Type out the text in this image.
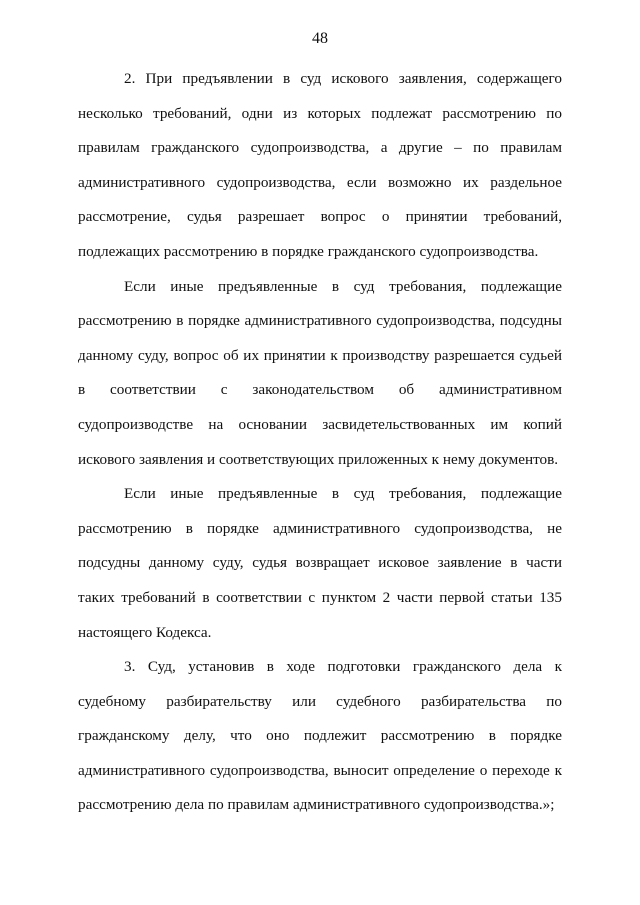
48

2. При предъявлении в суд искового заявления, содержащего несколько требований, одни из которых подлежат рассмотрению по правилам гражданского судопроизводства, а другие – по правилам административного судопроизводства, если возможно их раздельное рассмотрение, судья разрешает вопрос о принятии требований, подлежащих рассмотрению в порядке гражданского судопроизводства.

Если иные предъявленные в суд требования, подлежащие рассмотрению в порядке административного судопроизводства, подсудны данному суду, вопрос об их принятии к производству разрешается судьей в соответствии с законодательством об административном судопроизводстве на основании засвидетельствованных им копий искового заявления и соответствующих приложенных к нему документов.

Если иные предъявленные в суд требования, подлежащие рассмотрению в порядке административного судопроизводства, не подсудны данному суду, судья возвращает исковое заявление в части таких требований в соответствии с пунктом 2 части первой статьи 135 настоящего Кодекса.

3. Суд, установив в ходе подготовки гражданского дела к судебному разбирательству или судебного разбирательства по гражданскому делу, что оно подлежит рассмотрению в порядке административного судопроизводства, выносит определение о переходе к рассмотрению дела по правилам административного судопроизводства.»;
